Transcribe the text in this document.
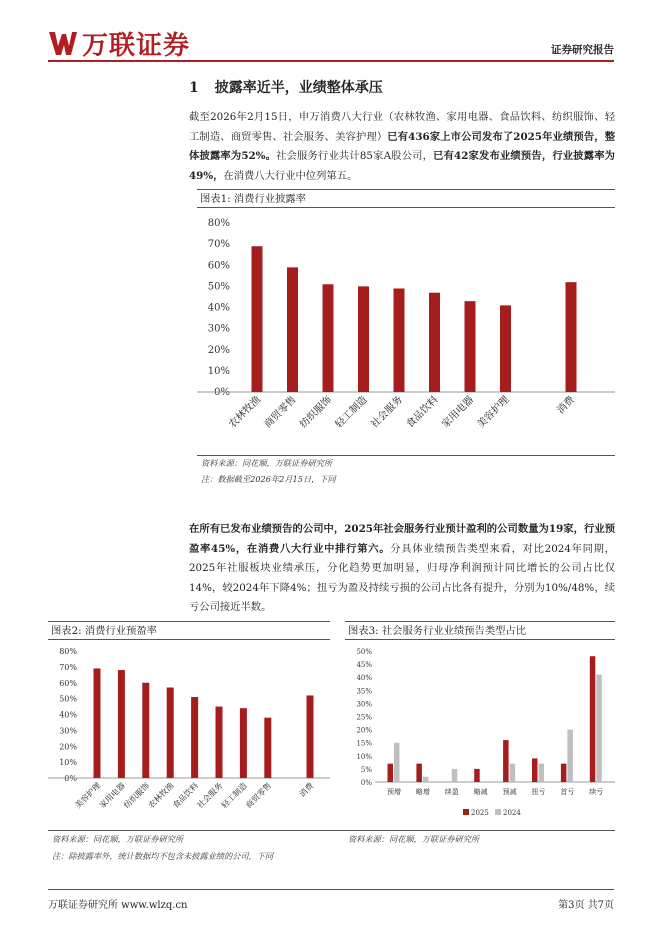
万联证券	证券研究报告
1 披露率近半，业绩整体承压
截至2026年2月15日，申万消费八大行业（农林牧渔、家用电器、食品饮料、纺织服饰、轻工制造、商贸零售、社会服务、美容护理）已有436家上市公司发布了2025年业绩预告，整体披露率为52%。社会服务行业共计85家A股公司，已有42家发布业绩预告，行业披露率为49%，在消费八大行业中位列第五。
图表1: 消费行业披露率
0%
10%
20%
30%
40%
50%
60%
70%
80%
农林牧渔 商贸零售 纺织服饰 轻工制造 社会服务 食品饮料 家用电器 美容护理	消费
资料来源：同花顺，万联证券研究所
注：数据截至2026年2月15日，下同
在所有已发布业绩预告的公司中，2025年社会服务行业预计盈利的公司数量为19家，行业预盈率45%，在消费八大行业中排行第六。分具体业绩预告类型来看，对比2024年同期，2025年社服板块业绩承压，分化趋势更加明显，归母净利润预计同比增长的公司占比仅14%，较2024年下降4%；扭亏为盈及持续亏损的公司占比各有提升，分别为10%/48%，续亏公司接近半数。
图表2: 消费行业预盈率
0%
10%
20%
30%
40%
50%
60%
70%
80%
美容护理
家用电器
纺织服饰
农林牧渔
食品饮料
社会服务
轻工制造
商贸零售	消费
图表3: 社会服务行业业绩预告类型占比
0%
5%
10%
15%
20%
25%
30%
35%
40%
45%
50%
预增 略增 续盈 略减 预减 扭亏 首亏 续亏
2025 2024
资料来源：同花顺，万联证券研究所
注：除披露率外，统计数据均不包含未披露业绩的公司，下同
资料来源：同花顺，万联证券研究所
万联证券研究所 www.wlzq.cn	第3页 共7页
